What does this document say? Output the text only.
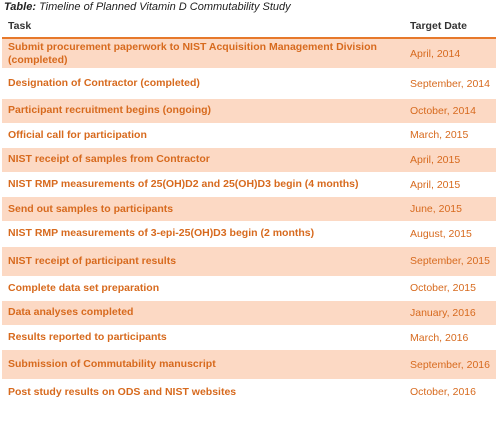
Table: Timeline of Planned Vitamin D Commutability Study
Task	Target Date
Submit procurement paperwork to NIST Acquisition Management Division (completed)	April, 2014
Designation of Contractor (completed)	September, 2014
Participant recruitment begins (ongoing)	October, 2014
Official call for participation	March, 2015
NIST receipt of samples from Contractor	April, 2015
NIST RMP measurements of 25(OH)D2 and 25(OH)D3 begin (4 months)	April, 2015
Send out samples to participants	June, 2015
NIST RMP measurements of 3-epi-25(OH)D3 begin (2 months)	August, 2015
NIST receipt of participant results	September, 2015
Complete data set preparation	October, 2015
Data analyses completed	January, 2016
Results reported to participants	March, 2016
Submission of Commutability manuscript	September, 2016
Post study results on ODS and NIST websites	October, 2016
